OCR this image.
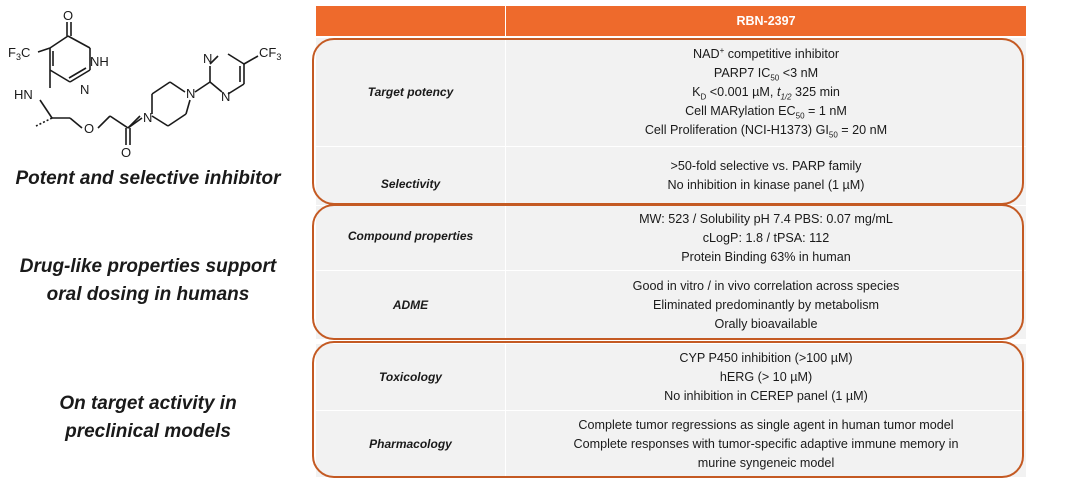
$F_3C$
O
NH
N
HN
O
O
N
N
N
N
$CF_3$
Potent and selective inhibitor
Drug-like properties support
oral dosing in humans
On target activity in
preclinical models
RBN-2397
Target potency
NAD+ competitive inhibitor
PARP7 $IC_{50} <3$ nM
$K_D <0.001$ µM, $t_{1/2}$ 325 min
Cell MARylation $EC_{50} = 1$ nM
Cell Proliferation (NCI-H1373) $GI_{50} = 20$ nM
Selectivity
>50-fold selective vs. PARP family
No inhibition in kinase panel (1 µM)
Compound properties
MW: 523 / Solubility pH 7.4 PBS: 0.07 mg/mL
cLogP: 1.8 / tPSA: 112
Protein Binding 63% in human
ADME
Good in vitro / in vivo correlation across species
Eliminated predominantly by metabolism
Orally bioavailable
Toxicology
CYP P450 inhibition (>100 µM)
hERG (> 10 µM)
No inhibition in CEREP panel (1 µM)
Pharmacology
Complete tumor regressions as single agent in human tumor model
Complete responses with tumor-specific adaptive immune memory in
murine syngeneic model
